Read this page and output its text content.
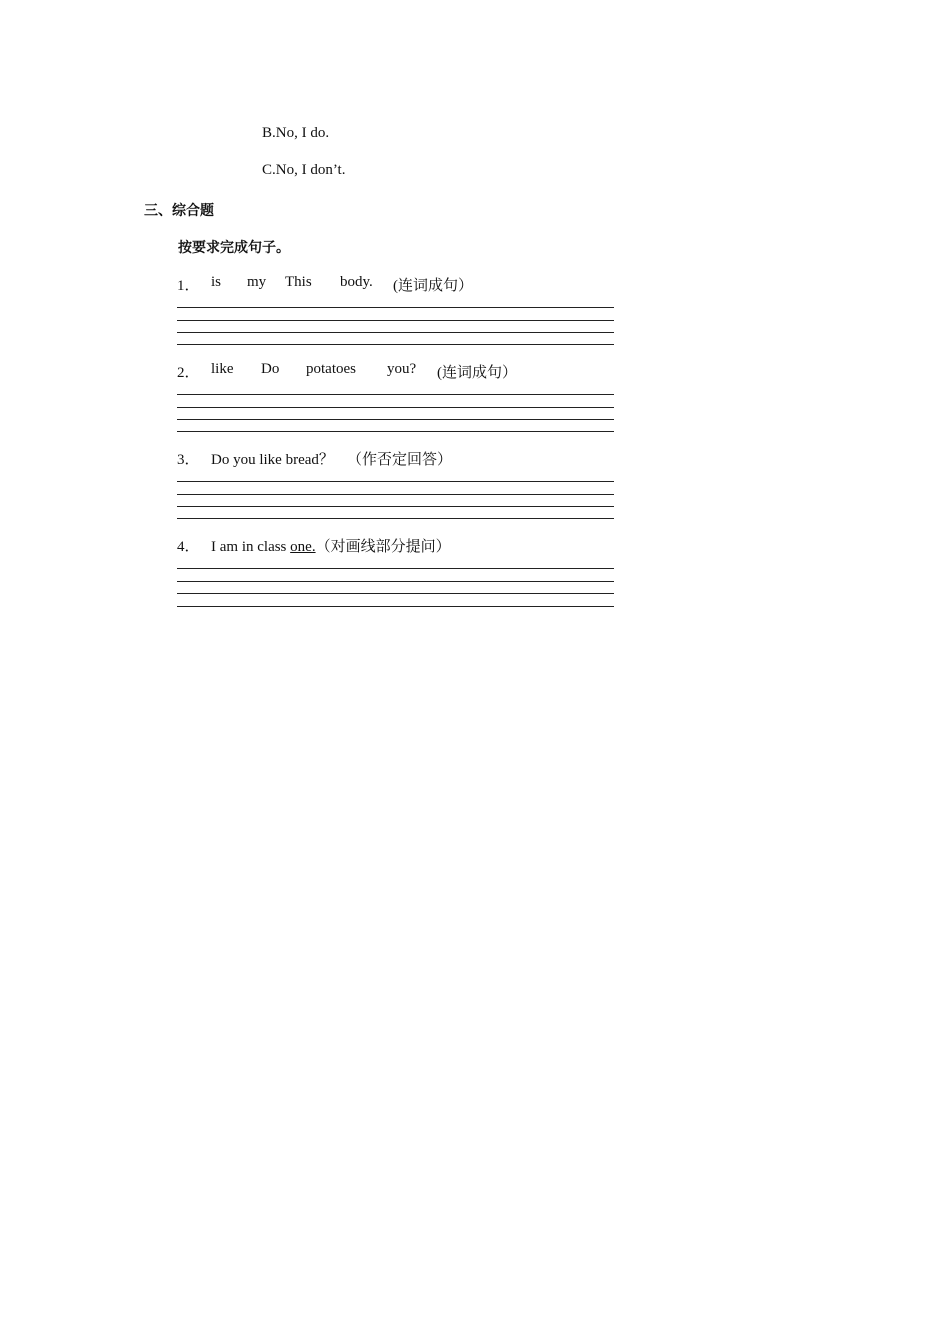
B.No, I do.
C.No, I don’t.
三、综合题
按要求完成句子。
1． is my This body. (连词成句）
2． like Do potatoes you? (连词成句）
3． Do you like bread？ （作否定回答）
4． I am in class one.（对画线部分提问）
